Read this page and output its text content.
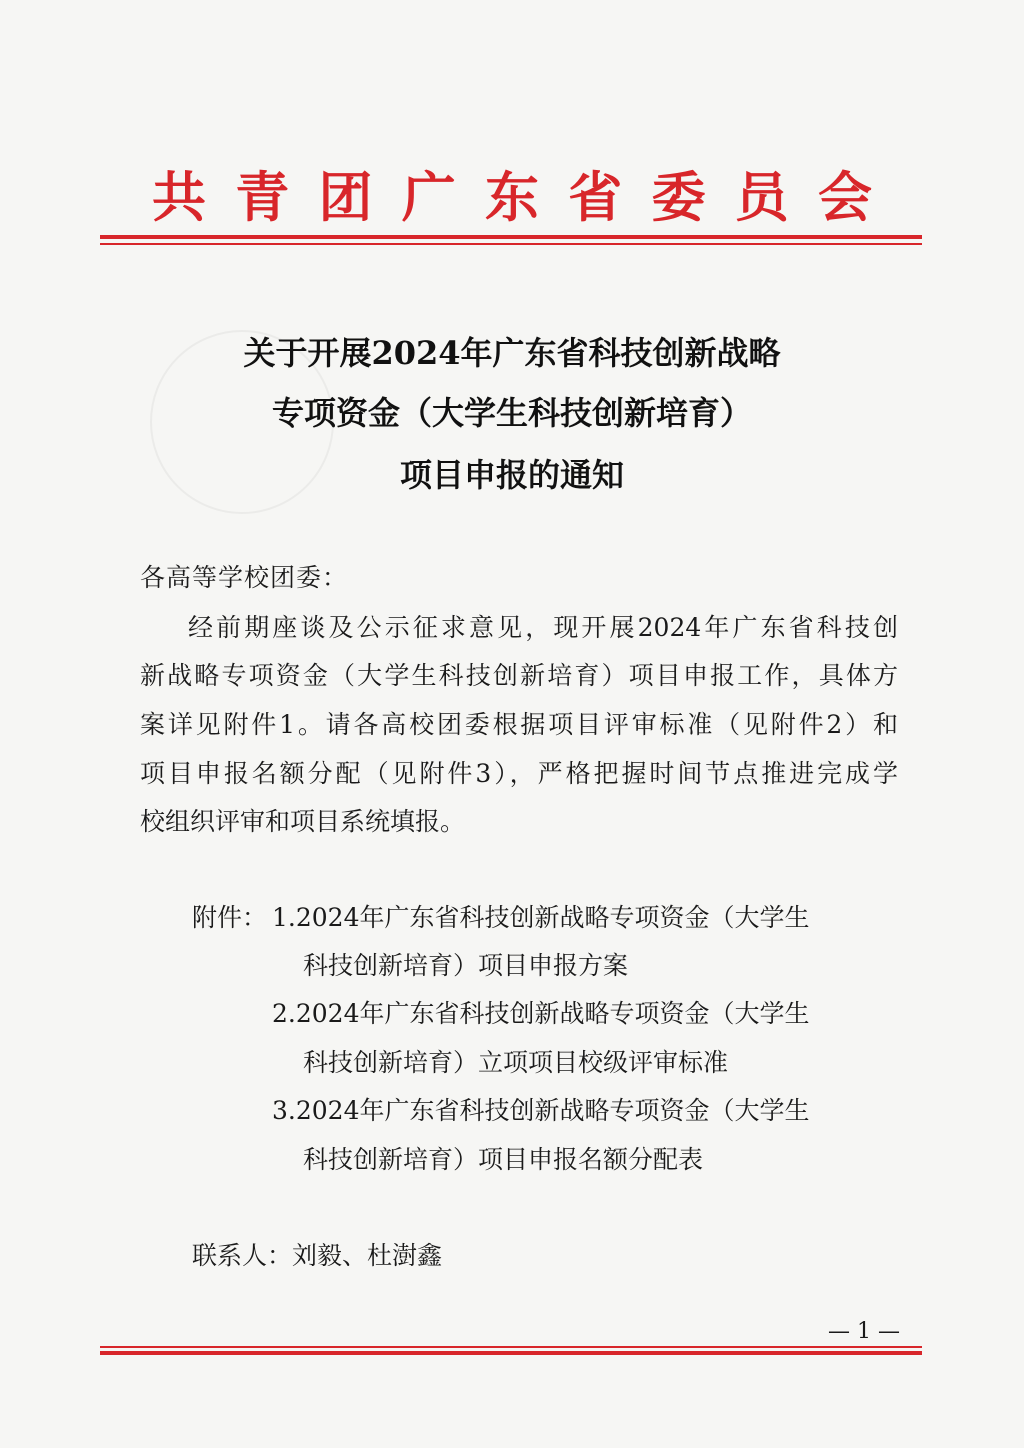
共 青 团 广 东 省 委 员 会
关于开展2024年广东省科技创新战略
专项资金（大学生科技创新培育）
项目申报的通知
各高等学校团委：
经前期座谈及公示征求意见，现开展2024年广东省科技创
新战略专项资金（大学生科技创新培育）项目申报工作，具体方
案详见附件1。请各高校团委根据项目评审标准（见附件2）和
项目申报名额分配（见附件3），严格把握时间节点推进完成学
校组织评审和项目系统填报。
附件： 1.2024年广东省科技创新战略专项资金（大学生
科技创新培育）项目申报方案
2.2024年广东省科技创新战略专项资金（大学生
科技创新培育）立项项目校级评审标准
3.2024年广东省科技创新战略专项资金（大学生
科技创新培育）项目申报名额分配表
联系人：刘毅、杜澍鑫
— 1 —
